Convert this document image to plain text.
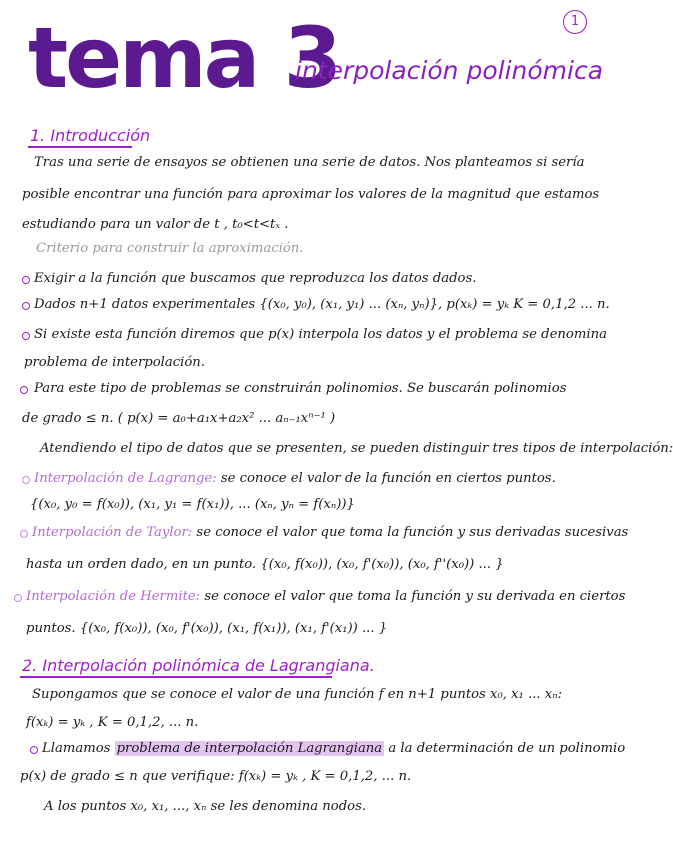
1
tema 3
interpolación polinómica
1. Introducción
Tras una serie de ensayos se obtienen una serie de datos. Nos planteamos si sería
posible encontrar una función para aproximar los valores de la magnitud que estamos
estudiando para un valor de t , t₀<t<tₓ .
Criterio para construir la aproximación.
Exigir a la función que buscamos que reproduzca los datos dados.
Dados n+1 datos experimentales {(x₀, y₀), (x₁, y₁) ... (xₙ, yₙ)}, p(xₖ) = yₖ K = 0,1,2 ... n.
Si existe esta función diremos que p(x) interpola los datos y el problema se denomina
problema de interpolación.
Para este tipo de problemas se construirán polinomios. Se buscarán polinomios
de grado ≤ n. ( p(x) = a₀+a₁x+a₂x² ... aₙ₋₁xⁿ⁻¹ )
Atendiendo el tipo de datos que se presenten, se pueden distinguir tres tipos de interpolación:
Interpolación de Lagrange: se conoce el valor de la función en ciertos puntos.
{(x₀, y₀ = f(x₀)), (x₁, y₁ = f(x₁)), ... (xₙ, yₙ = f(xₙ))}
Interpolación de Taylor: se conoce el valor que toma la función y sus derivadas sucesivas
hasta un orden dado, en un punto. {(x₀, f(x₀)), (x₀, f'(x₀)), (x₀, f''(x₀)) ... }
Interpolación de Hermite: se conoce el valor que toma la función y su derivada en ciertos
puntos. {(x₀, f(x₀)), (x₀, f'(x₀)), (x₁, f(x₁)), (x₁, f'(x₁)) ... }
2. Interpolación polinómica de Lagrangiana.
Supongamos que se conoce el valor de una función f en n+1 puntos x₀, x₁ ... xₙ:
f(xₖ) = yₖ , K = 0,1,2, ... n.
Llamamos problema de interpolación Lagrangiana a la determinación de un polinomio
p(x) de grado ≤ n que verifique: f(xₖ) = yₖ , K = 0,1,2, ... n.
A los puntos x₀, x₁, ..., xₙ se les denomina nodos.
